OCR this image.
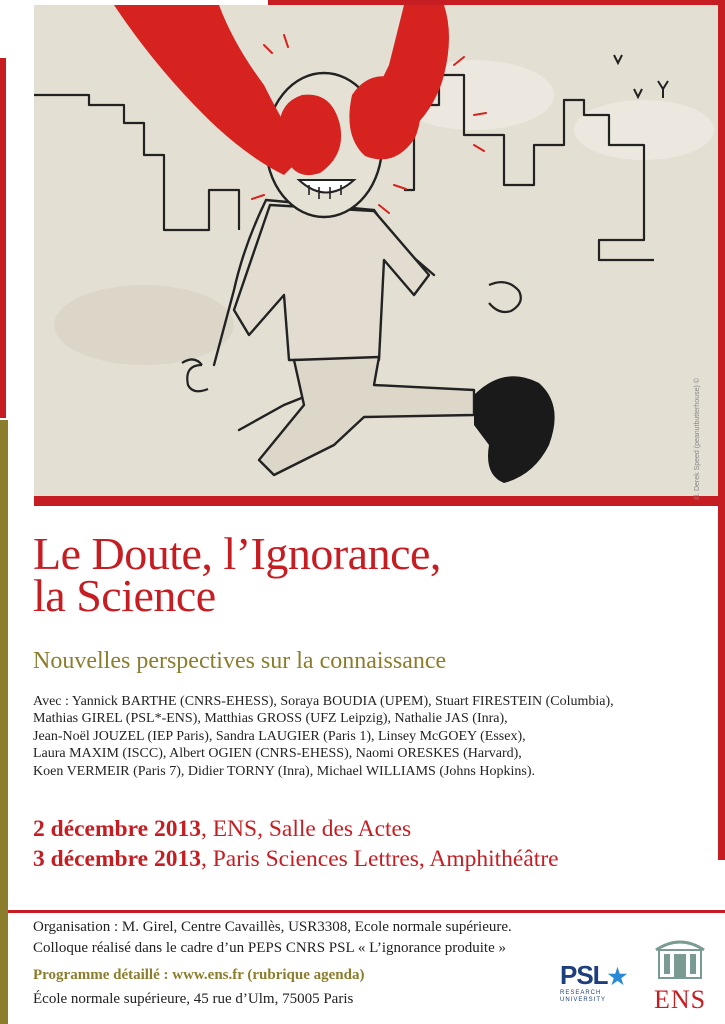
Ill. Derek Speed (peanutbutterhouse) ©
Le Doute, l’Ignorance,
la Science
Nouvelles perspectives sur la connaissance
Avec : Yannick BARTHE (CNRS-EHESS), Soraya BOUDIA (UPEM), Stuart FIRESTEIN (Columbia),
Mathias GIREL (PSL*-ENS), Matthias GROSS (UFZ Leipzig), Nathalie JAS (Inra),
Jean-Noël JOUZEL (IEP Paris), Sandra LAUGIER (Paris 1), Linsey McGOEY (Essex),
Laura MAXIM (ISCC), Albert OGIEN (CNRS-EHESS), Naomi ORESKES (Harvard),
Koen VERMEIR (Paris 7), Didier TORNY (Inra), Michael WILLIAMS (Johns Hopkins).
2 décembre 2013, ENS, Salle des Actes
3 décembre 2013, Paris Sciences Lettres, Amphithéâtre
Organisation : M. Girel, Centre Cavaillès, USR3308, Ecole normale supérieure.
Colloque réalisé dans le cadre d’un PEPS CNRS PSL « L’ignorance produite »
Programme détaillé : www.ens.fr (rubrique agenda)
École normale supérieure, 45 rue d’Ulm, 75005 Paris
PSL★
RESEARCH
UNIVERSITY	ENS
